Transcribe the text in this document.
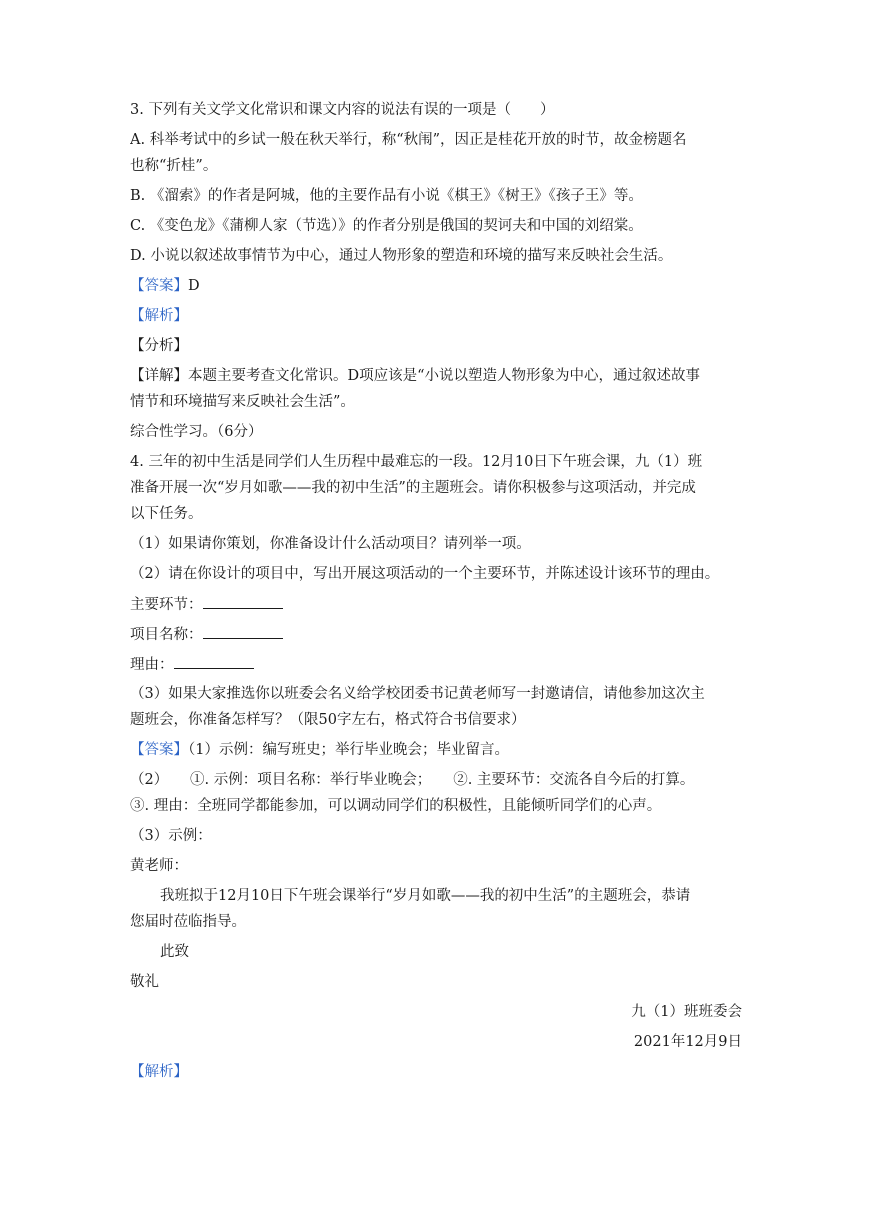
3. 下列有关文学文化常识和课文内容的说法有误的一项是（　　）
A. 科举考试中的乡试一般在秋天举行，称“秋闱”，因正是桂花开放的时节，故金榜题名
也称“折桂”。
B. 《溜索》的作者是阿城，他的主要作品有小说《棋王》《树王》《孩子王》等。
C. 《变色龙》《蒲柳人家（节选）》的作者分别是俄国的契诃夫和中国的刘绍棠。
D. 小说以叙述故事情节为中心，通过人物形象的塑造和环境的描写来反映社会生活。
【答案】D
【解析】
【分析】
【详解】本题主要考查文化常识。D项应该是“小说以塑造人物形象为中心，通过叙述故事
情节和环境描写来反映社会生活”。
综合性学习。（6分）
4. 三年的初中生活是同学们人生历程中最难忘的一段。12月10日下午班会课，九（1）班
准备开展一次“岁月如歌——我的初中生活”的主题班会。请你积极参与这项活动，并完成
以下任务。
（1）如果请你策划，你准备设计什么活动项目？请列举一项。
（2）请在你设计的项目中，写出开展这项活动的一个主要环节，并陈述设计该环节的理由。
主要环节：
项目名称：
理由：
（3）如果大家推选你以班委会名义给学校团委书记黄老师写一封邀请信，请他参加这次主
题班会，你准备怎样写？（限50字左右，格式符合书信要求）
【答案】（1）示例：编写班史；举行毕业晚会；毕业留言。
（2）　　①. 示例：项目名称：举行毕业晚会； ②. 主要环节：交流各自今后的打算。
③. 理由：全班同学都能参加，可以调动同学们的积极性，且能倾听同学们的心声。
（3）示例：
黄老师：
我班拟于12月10日下午班会课举行“岁月如歌——我的初中生活”的主题班会，恭请
您届时莅临指导。
此致
敬礼
九（1）班班委会
2021年12月9日
【解析】
